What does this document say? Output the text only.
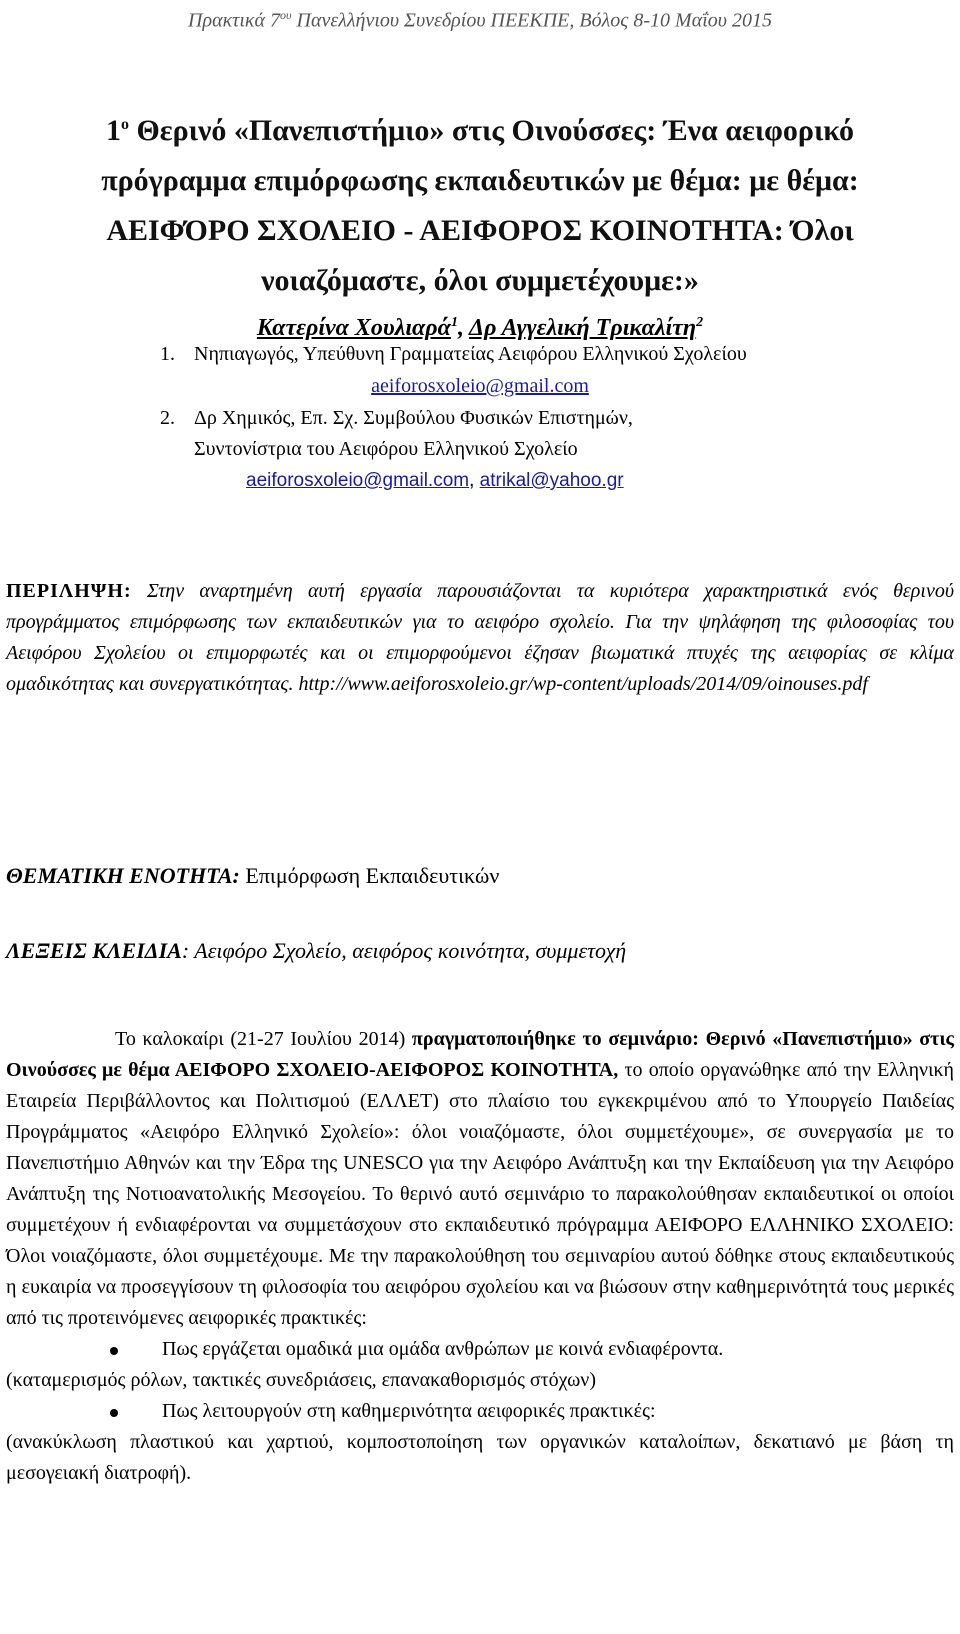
Πρακτικά $7^{o\upsilon}$ Πανελλήνιου Συνεδρίου ΠΕΕΚΠΕ, Βόλος 8-10 Μαΐου 2015
$1^o$ Θερινό «Πανεπιστήμιο» στις Οινούσσες: Ένα αειφορικό
πρόγραμμα επιμόρφωσης εκπαιδευτικών με θέμα: με θέμα:
ΑΕΙΦΌΡΟ ΣΧΟΛΕΙΟ - ΑΕΙΦΟΡΟΣ ΚΟΙΝΟΤΗΤΑ: Όλοι
νοιαζόμαστε, όλοι συμμετέχουμε:»
Κατερίνα Χουλιαρά$^1$, Δρ Αγγελική Τρικαλίτη$^2$
1. Νηπιαγωγός, Υπεύθυνη Γραμματείας Αειφόρου Ελληνικού Σχολείου
aeiforosxoleio@gmail.com
2. Δρ Χημικός, Επ. Σχ. Συμβούλου Φυσικών Επιστημών,
Συντονίστρια του Αειφόρου Ελληνικού Σχολείο
aeiforosxoleio@gmail.com, atrikal@yahoo.gr
ΠΕΡΙΛΗΨΗ: Στην αναρτημένη αυτή εργασία παρουσιάζονται τα κυριότερα χαρακτηριστικά ενός θερινού προγράμματος επιμόρφωσης των εκπαιδευτικών για το αειφόρο σχολείο. Για την ψηλάφηση της φιλοσοφίας του Αειφόρου Σχολείου οι επιμορφωτές και οι επιμορφούμενοι έζησαν βιωματικά πτυχές της αειφορίας σε κλίμα ομαδικότητας και συνεργατικότητας. http://www.aeiforosxoleio.gr/wp-content/uploads/2014/09/oinouses.pdf
ΘΕΜΑΤΙΚΗ ΕΝΟΤΗΤΑ: Επιμόρφωση Εκπαιδευτικών
ΛΕΞΕΙΣ ΚΛΕΙΔΙΑ: Αειφόρο Σχολείο, αειφόρος κοινότητα, συμμετοχή

Το καλοκαίρι (21-27 Ιουλίου 2014) πραγματοποιήθηκε το σεμινάριο: Θερινό «Πανεπιστήμιο» στις Οινούσσες με θέμα ΑΕΙΦΟΡΟ ΣΧΟΛΕΙΟ-ΑΕΙΦΟΡΟΣ ΚΟΙΝΟΤΗΤΑ, το οποίο οργανώθηκε από την Ελληνική Εταιρεία Περιβάλλοντος και Πολιτισμού (ΕΛΛΕΤ) στο πλαίσιο του εγκεκριμένου από το Υπουργείο Παιδείας Προγράμματος «Αειφόρο Ελληνικό Σχολείο»: όλοι νοιαζόμαστε, όλοι συμμετέχουμε», σε συνεργασία με το Πανεπιστήμιο Αθηνών και την Έδρα της UNESCO για την Αειφόρο Ανάπτυξη και την Εκπαίδευση για την Αειφόρο Ανάπτυξη της Νοτιοανατολικής Μεσογείου. Το θερινό αυτό σεμινάριο το παρακολούθησαν εκπαιδευτικοί οι οποίοι συμμετέχουν ή ενδιαφέρονται να συμμετάσχουν στο εκπαιδευτικό πρόγραμμα ΑΕΙΦΟΡΟ ΕΛΛΗΝΙΚΟ ΣΧΟΛΕΙΟ: Όλοι νοιαζόμαστε, όλοι συμμετέχουμε. Με την παρακολούθηση του σεμιναρίου αυτού δόθηκε στους εκπαιδευτικούς η ευκαιρία να προσεγγίσουν τη φιλοσοφία του αειφόρου σχολείου και να βιώσουν στην καθημερινότητά τους μερικές από τις προτεινόμενες αειφορικές πρακτικές:

Πως εργάζεται ομαδικά μια ομάδα ανθρώπων με κοινά ενδιαφέροντα.

(καταμερισμός ρόλων, τακτικές συνεδριάσεις, επανακαθορισμός στόχων)

Πως λειτουργούν στη καθημερινότητα αειφορικές πρακτικές:

(ανακύκλωση πλαστικού και χαρτιού, κομποστοποίηση των οργανικών καταλοίπων, δεκατιανό με βάση τη μεσογειακή διατροφή).
